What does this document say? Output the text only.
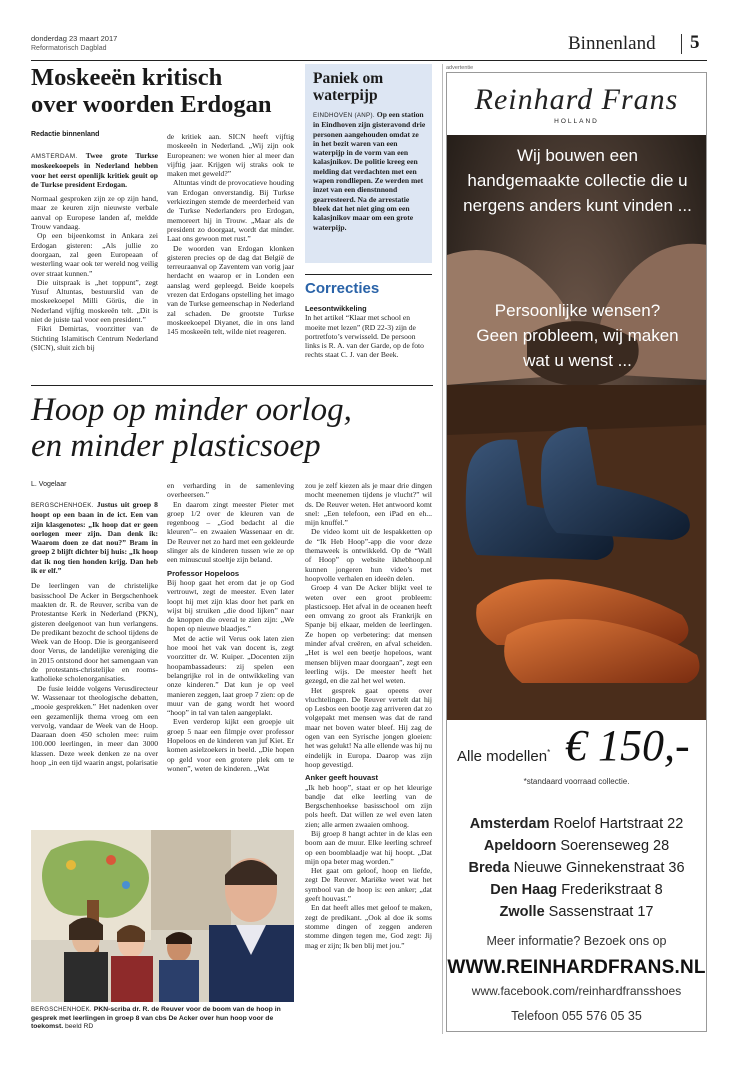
donderdag 23 maart 2017
Reformatorisch Dagblad	Binnenland 5
Moskeeën kritisch
over woorden Erdogan
Redactie binnenland

AMSTERDAM. Twee grote Turkse moskeekoepels in Nederland hebben voor het eerst openlijk kritiek geuit op de Turkse president Erdogan.

Normaal gesproken zijn ze op zijn hand, maar ze keuren zijn nieuwste verbale aanval op Europese landen af, meldde Trouw vandaag.

Op een bijeenkomst in Ankara zei Erdogan gisteren: „Als jullie zo doorgaan, zal geen Europeaan of westerling waar ook ter wereld nog veilig over straat kunnen.”

Die uitspraak is „het toppunt”, zegt Yusuf Altuntas, bestuurslid van de moskeekoepel Milli Görüs, die in Nederland vijftig moskeeën telt. „Dit is niet de juiste taal voor een president.”

Fikri Demirtas, voorzitter van de Stichting Islamitisch Centrum Nederland (SICN), sluit zich bij

de kritiek aan. SICN heeft vijftig moskeeën in Nederland. „Wij zijn ook Europeanen: we wonen hier al meer dan vijftig jaar. Krijgen wij straks ook te maken met geweld?”

Altuntas vindt de provocatieve houding van Erdogan onverstandig. Bij Turkse verkiezingen stemde de meerderheid van de Turkse Nederlanders pro Erdogan, memoreert hij in Trouw. „Maar als de president zo doorgaat, wordt dat minder. Laat ons gewoon met rust.”

De woorden van Erdogan klonken gisteren precies op de dag dat België de terreuraanval op Zaventem van vorig jaar herdacht en waarop er in Londen een aanslag werd gepleegd. Beide koepels vrezen dat Erdogans opstelling het imago van de Turkse gemeenschap in Nederland zal schaden. De grootste Turkse moskeekoepel Diyanet, die in ons land 145 moskeeën telt, wilde niet reageren.

Paniek om
waterpijp

EINDHOVEN (ANP). Op een station in Eindhoven zijn gisteravond drie personen aangehouden omdat ze in het bezit waren van een waterpijp in de vorm van een kalasjnikov. De politie kreeg een melding dat verdachten met een wapen rondliepen. Ze werden met inzet van een dienstnnond gearresteerd. Na de arrestatie bleek dat het niet ging om een kalasjnikov maar om een grote waterpijp.

Correcties
Leesontwikkeling

In het artikel “Klaar met school en moeite met lezen” (RD 22-3) zijn de portretfoto’s verwisseld. De persoon links is R. A. van der Garde, op de foto rechts staat C. J. van der Beek.

Hoop op minder oorlog,
en minder plasticsoep
L. Vogelaar

BERGSCHENHOEK. Justus uit groep 8 hoopt op een baan in de ict. Een van zijn klasgenotes: „Ik hoop dat er geen oorlogen meer zijn. Dan denk ik: Waarom doen ze dat nou?” Bram in groep 2 blijft dichter bij huis: „Ik hoop dat ik nog tien honden krijg. Dan heb ik er elf.”

De leerlingen van de christelijke basisschool De Acker in Bergschenhoek maakten dr. R. de Reuver, scriba van de Protestantse Kerk in Nederland (PKN), gisteren deelgenoot van hun verlangens. De predikant bezocht de school tijdens de Week van de Hoop. Die is georganiseerd door Verus, de landelijke vereniging die in 2015 ontstond door het samengaan van de protestants-christelijke en rooms-katholieke scholenorganisaties.

De fusie leidde volgens Verusdirecteur W. Wassenaar tot theologische debatten, „mooie gesprekken.” Het nadenken over een gezamenlijk thema vroeg om een vervolg, vandaar de Week van de Hoop. Daaraan doen 450 scholen mee: ruim 100.000 leerlingen, in meer dan 3000 klassen. Deze week denken ze na over hoop „in een tijd waarin angst, polarisatie

en verharding in de samenleving overheersen.”

En daarom zingt meester Pieter met groep 1/2 over de kleuren van de regenboog – „God bedacht al die kleuren”– en zwaaien Wassenaar en dr. De Reuver net zo hard met een gekleurde slinger als de kinderen tussen wie ze op een minuscuul stoeltje zijn beland.

Professor Hopeloos

Bij hoop gaat het erom dat je op God vertrouwt, zegt de meester. Even later loopt hij met zijn klas door het park en wijst bij struiken „die dood lijken” naar de knoppen die overal te zien zijn: „We hopen op nieuwe blaadjes.”

Met de actie wil Verus ook laten zien hoe mooi het vak van docent is, zegt voorzitter dr. W. Kuiper. „Docenten zijn hoopambassadeurs: zij spelen een belangrijke rol in de ontwikkeling van onze kinderen.” Dat kun je op veel manieren zeggen, laat groep 7 zien: op de muur van de gang wordt het woord “hoop” in tal van talen aangeplakt.

Even verderop kijkt een groepje uit groep 5 naar een filmpje over professor Hopeloos en de kinderen van juf Kiet. Er komen asielzoekers in beeld. „Die hopen op geld voor een grotere plek om te wonen”, weten de kinderen. „Wat

zou je zelf kiezen als je maar drie dingen mocht meenemen tijdens je vlucht?” wil ds. De Reuver weten. Het antwoord komt snel: „Een telefoon, een iPad en eh... mijn knuffel.”

De video komt uit de lespakketten op de “Ik Heb Hoop”-app die voor deze themaweek is ontwikkeld. Op de “Wall of Hoop” op website ikhebhoop.nl kunnen jongeren hun video’s met hoopvolle verhalen en ideeën delen.

Groep 4 van De Acker blijkt veel te weten over een groot probleem: plasticsoep. Het afval in de oceanen heeft een omvang zo groot als Frankrijk en Spanje bij elkaar, melden de leerlingen. Ze hopen op verbetering: dat mensen minder afval creëren, en afval scheiden. „Het is wel een beetje hopeloos, want mensen blijven maar doorgaan”, zegt een leerling wijs. De meester heeft het gezegd, en die zal het wel weten.

Het gesprek gaat opeens over vluchtelingen. De Reuver vertelt dat hij op Lesbos een bootje zag arriveren dat zo volgepakt met mensen was dat de rand maar net boven water bleef. Hij zag de ogen van een Syrische jongen gloeien: het was gelukt! Na alle ellende was hij nu eindelijk in Europa. Daarop was zijn hoop gevestigd.

Anker geeft houvast

„Ik heb hoop”, staat er op het kleurige bandje dat elke leerling van de Bergschenhoekse basisschool om zijn pols heeft. Dat willen ze wel even laten zien; alle armen zwaaien omhoog.

Bij groep 8 hangt achter in de klas een boom aan de muur. Elke leerling schreef op een boomblaadje wat hij hoopt. „Dat mijn opa beter mag worden.”

Het gaat om geloof, hoop en liefde, zegt De Reuver. Mariëke weet wat het symbool van de hoop is: een anker; „dat geeft houvast.”

En dat heeft alles met geloof te maken, zegt de predikant. „Ook al doe ik soms stomme dingen of zeggen anderen stomme dingen tegen me, God zegt: Jij mag er zijn; Ik ben blij met jou.”

BERGSCHENHOEK. PKN-scriba dr. R. de Reuver voor de boom van de hoop in gesprek met leerlingen in groep 8 van cbs De Acker over hun hoop voor de toekomst. beeld RD
advertentie
Reinhard Frans
HOLLAND
Wij bouwen een
handgemaakte collectie die u
nergens anders kunt vinden ...
Persoonlijke wensen?
Geen probleem, wij maken
wat u wenst ...
Alle modellen* € 150,-
*standaard voorraad collectie.
Amsterdam Roelof Hartstraat 22
Apeldoorn Soerenseweg 28
Breda Nieuwe Ginnekenstraat 36
Den Haag Frederikstraat 8
Zwolle Sassenstraat 17
Meer informatie? Bezoek ons op
WWW.REINHARDFRANS.NL
www.facebook.com/reinhardfransshoes
Telefoon 055 576 05 35
